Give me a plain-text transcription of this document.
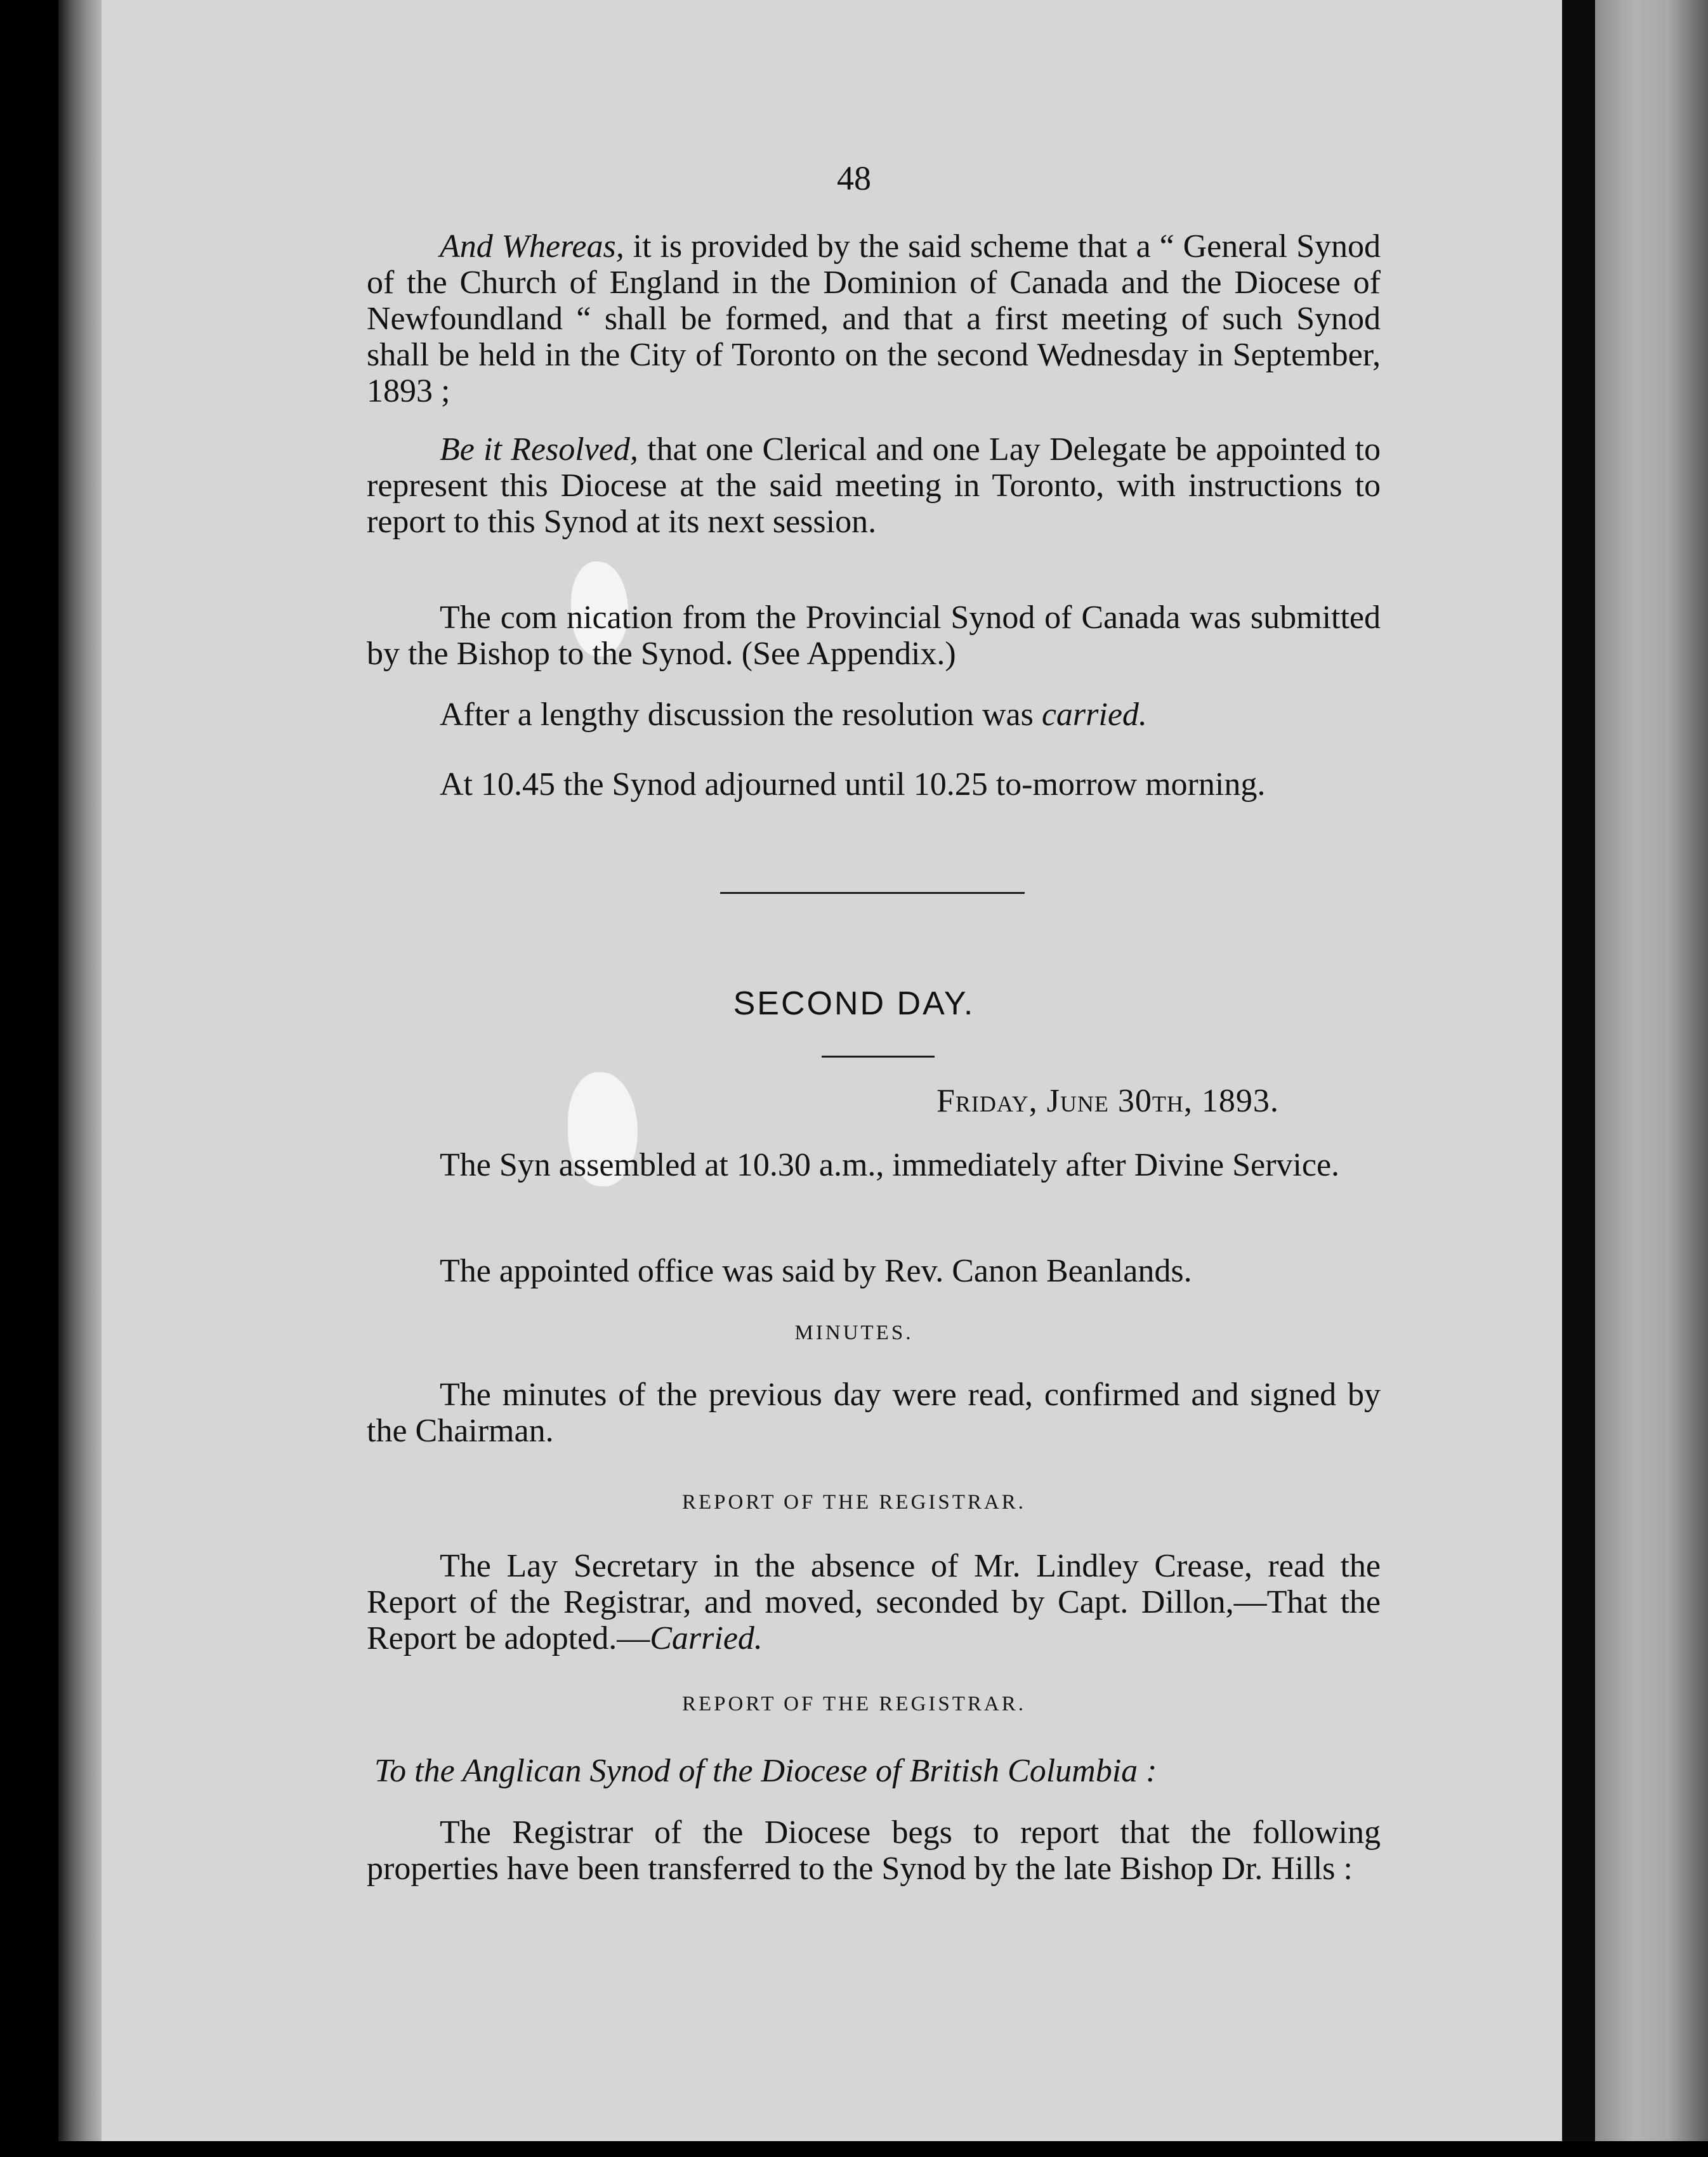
48

And Whereas, it is provided by the said scheme that a “ General Synod of the Church of England in the Dominion of Canada and the Diocese of Newfoundland “ shall be formed, and that a first meeting of such Synod shall be held in the City of Toronto on the second Wednesday in September, 1893 ;

Be it Resolved, that one Clerical and one Lay Delegate be appointed to represent this Diocese at the said meeting in Toronto, with instructions to report to this Synod at its next session.

The com nication from the Provincial Synod of Canada was submitted by the Bishop to the Synod. (See Appendix.)

After a lengthy discussion the resolution was carried.

At 10.45 the Synod adjourned until 10.25 to-morrow morning.

SECOND DAY.
Friday, June 30th, 1893.

The Syn assembled at 10.30 a.m., immediately after Divine Service.

The appointed office was said by Rev. Canon Beanlands.

MINUTES.

The minutes of the previous day were read, confirmed and signed by the Chairman.

REPORT OF THE REGISTRAR.

The Lay Secretary in the absence of Mr. Lindley Crease, read the Report of the Registrar, and moved, seconded by Capt. Dillon,—That the Report be adopted.—Carried.

REPORT OF THE REGISTRAR.
To the Anglican Synod of the Diocese of British Columbia :

The Registrar of the Diocese begs to report that the following properties have been transferred to the Synod by the late Bishop Dr. Hills :
